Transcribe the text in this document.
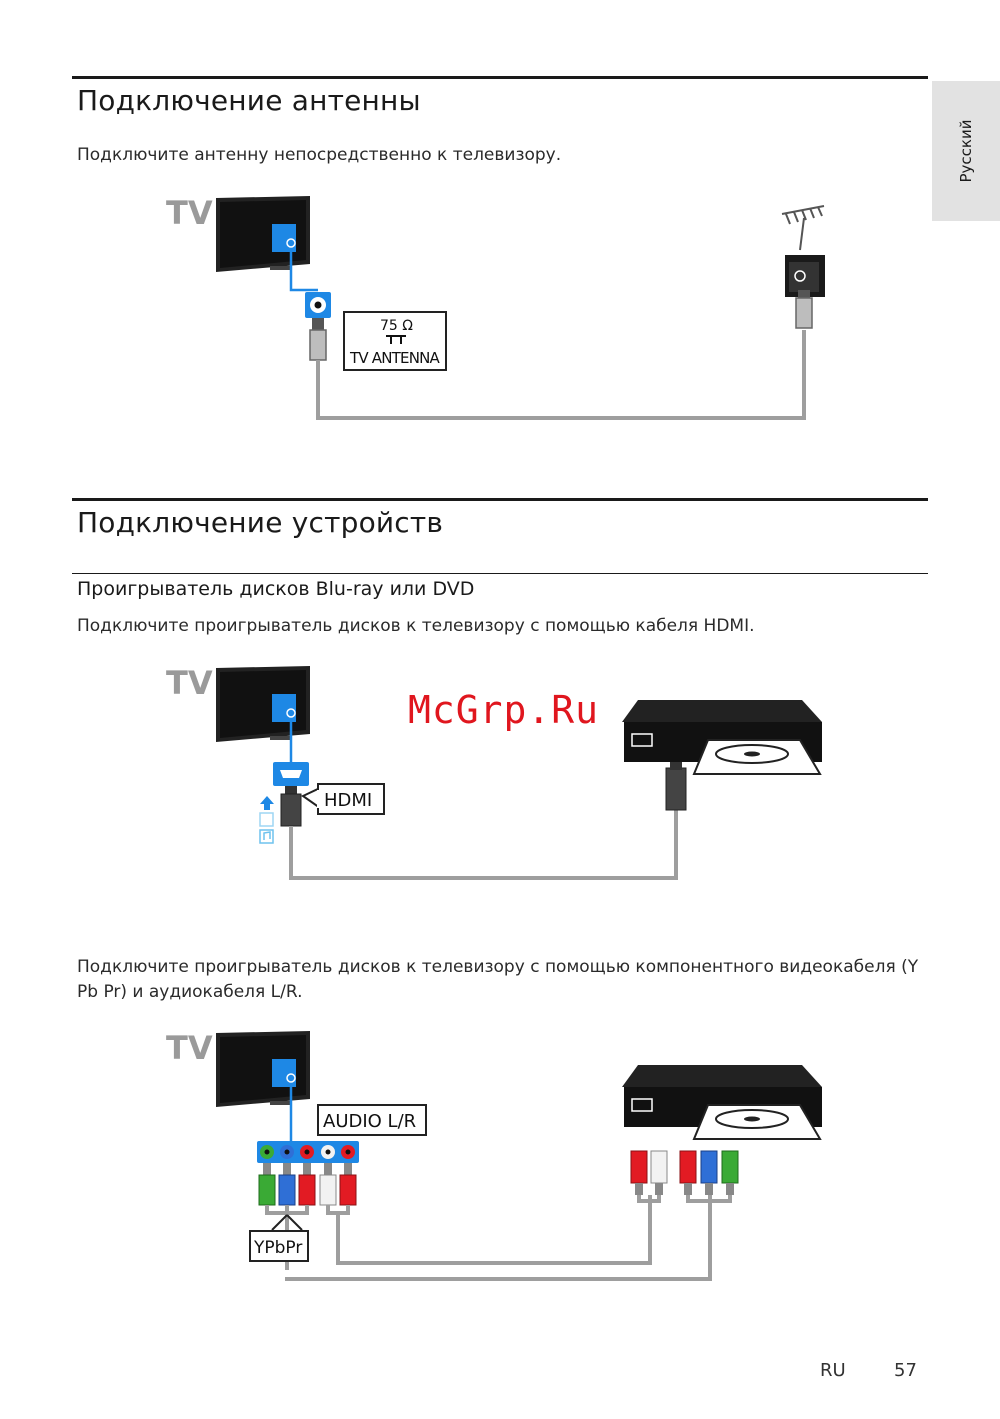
Русский
Подключение антенны
Подключите антенну непосредственно к телевизору.
TV
75 Ω
TV ANTENNA
Подключение устройств
Проигрыватель дисков Blu-ray или DVD
Подключите проигрыватель дисков к телевизору с помощью кабеля HDMI.
TV
HDMI
McGrp.Ru
Подключите проигрыватель дисков к телевизору с помощью компонентного видеокабеля (Y
Pb Pr) и аудиокабеля L/R.
TV
AUDIO L/R
YPbPr
RU	57
